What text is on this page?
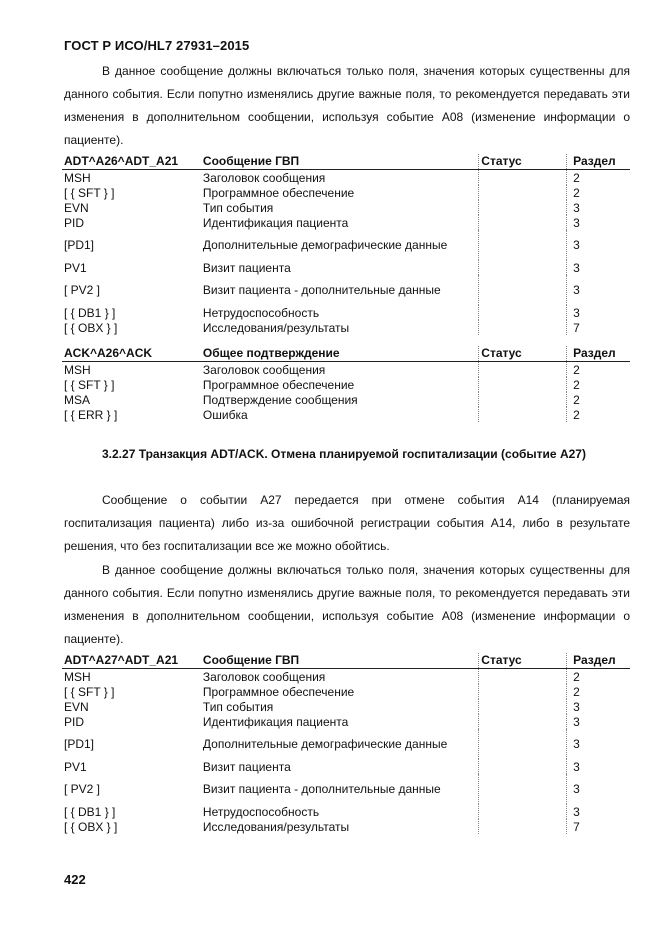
ГОСТ Р ИСО/HL7 27931–2015

В данное сообщение должны включаться только поля, значения которых существенны для данного события. Если попутно изменялись другие важные поля, то рекомендуется передавать эти изменения в дополнительном сообщении, используя событие А08 (изменение информации о пациенте).

ADT^A26^ADT_A21	Сообщение ГВП	Статус	Раздел
MSH	Заголовок сообщения		2
[ { SFT } ]	Программное обеспечение		2
EVN	Тип события		3
PID	Идентификация пациента		3
[PD1]	Дополнительные демографические данные		3
PV1	Визит пациента		3
[ PV2 ]	Визит пациента - дополнительные данные		3
[ { DB1 } ]	Нетрудоспособность		3
[ { OBX } ]	Исследования/результаты		7
ACK^A26^ACK	Общее подтверждение	Статус	Раздел
MSH	Заголовок сообщения		2
[ { SFT } ]	Программное обеспечение		2
MSA	Подтверждение сообщения		2
[ { ERR } ]	Ошибка		2

3.2.27 Транзакция ADT/ACK. Отмена планируемой госпитализации (событие А27)

Сообщение о событии А27 передается при отмене события А14 (планируемая госпитализация пациента) либо из-за ошибочной регистрации события А14, либо в результате решения, что без госпитализации все же можно обойтись.

В данное сообщение должны включаться только поля, значения которых существенны для данного события. Если попутно изменялись другие важные поля, то рекомендуется передавать эти изменения в дополнительном сообщении, используя событие А08 (изменение информации о пациенте).

ADT^A27^ADT_A21	Сообщение ГВП	Статус	Раздел
MSH	Заголовок сообщения		2
[ { SFT } ]	Программное обеспечение		2
EVN	Тип события		3
PID	Идентификация пациента		3
[PD1]	Дополнительные демографические данные		3
PV1	Визит пациента		3
[ PV2 ]	Визит пациента - дополнительные данные		3
[ { DB1 } ]	Нетрудоспособность		3
[ { OBX } ]	Исследования/результаты		7
422
